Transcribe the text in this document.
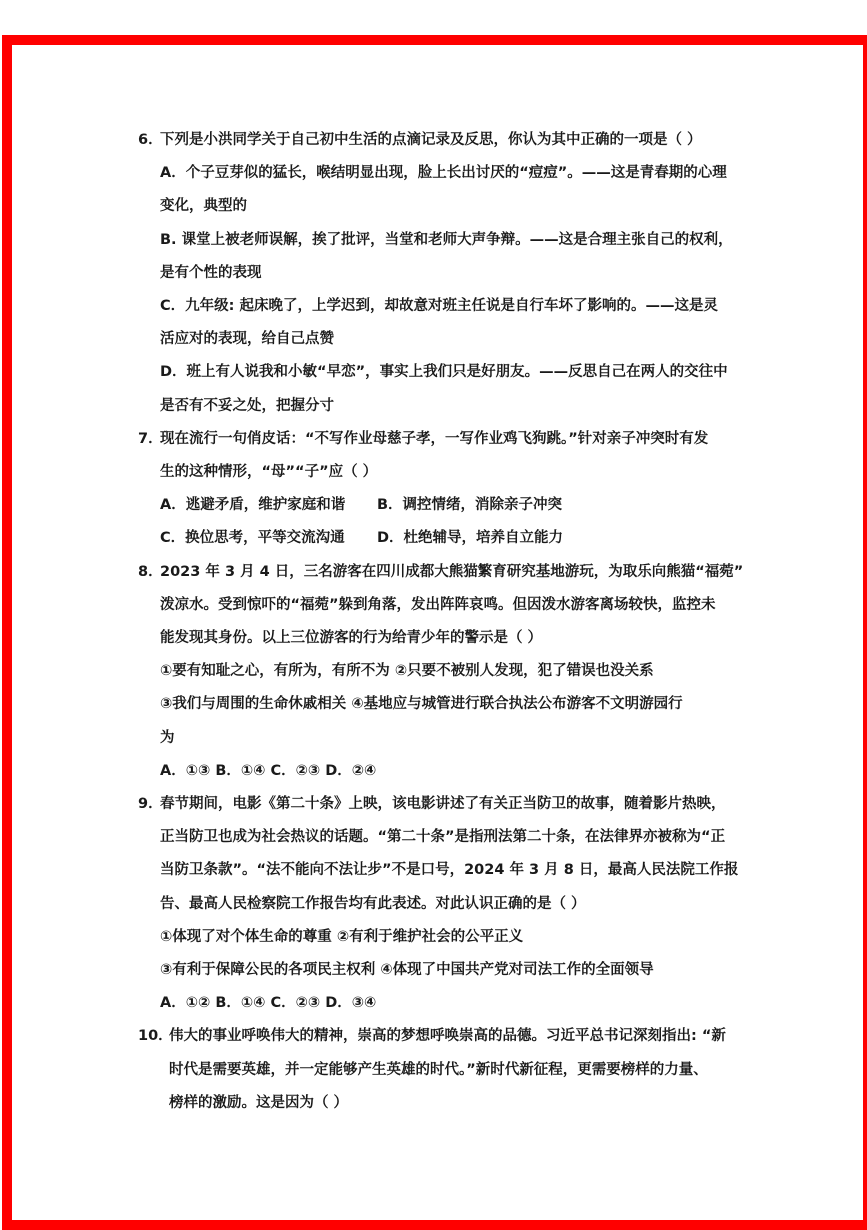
6．
下列是小洪同学关于自己初中生活的点滴记录及反思，你认为其中正确的一项是（ ）
A．个子豆芽似的猛长，喉结明显出现，脸上长出讨厌的“痘痘”。——这是青春期的心理
变化，典型的
B. 课堂上被老师误解，挨了批评，当堂和老师大声争辩。——这是合理主张自己的权利，
是有个性的表现
C．九年级: 起床晚了，上学迟到，却故意对班主任说是自行车坏了影响的。——这是灵
活应对的表现，给自己点赞
D．班上有人说我和小敏“早恋”，事实上我们只是好朋友。——反思自己在两人的交往中
是否有不妥之处，把握分寸
7．
现在流行一句俏皮话：“不写作业母慈子孝，一写作业鸡飞狗跳。”针对亲子冲突时有发
生的这种情形，“母”“子”应（ ）
A．逃避矛盾，维护家庭和谐	B．调控情绪，消除亲子冲突
C．换位思考，平等交流沟通	D．杜绝辅导，培养自立能力
8．
2023 年 3 月 4 日，三名游客在四川成都大熊猫繁育研究基地游玩，为取乐向熊猫“福菀”
泼凉水。受到惊吓的“福菀”躲到角落，发出阵阵哀鸣。但因泼水游客离场较快，监控未
能发现其身份。以上三位游客的行为给青少年的警示是（ ）
①要有知耻之心，有所为，有所不为 ②只要不被别人发现，犯了错误也没关系
③我们与周围的生命休戚相关 ④基地应与城管进行联合执法公布游客不文明游园行
为
A．①③ B．①④ C．②③ D．②④
9．
春节期间，电影《第二十条》上映，该电影讲述了有关正当防卫的故事，随着影片热映，
正当防卫也成为社会热议的话题。“第二十条”是指刑法第二十条，在法律界亦被称为“正
当防卫条款”。“法不能向不法让步”不是口号，2024 年 3 月 8 日，最高人民法院工作报
告、最高人民检察院工作报告均有此表述。对此认识正确的是（ ）
①体现了对个体生命的尊重 ②有利于维护社会的公平正义
③有利于保障公民的各项民主权利 ④体现了中国共产党对司法工作的全面领导
A．①② B．①④ C．②③ D．③④
10．
伟大的事业呼唤伟大的精神，崇高的梦想呼唤崇高的品德。习近平总书记深刻指出: “新
时代是需要英雄，并一定能够产生英雄的时代。”新时代新征程，更需要榜样的力量、
榜样的激励。这是因为（ ）
